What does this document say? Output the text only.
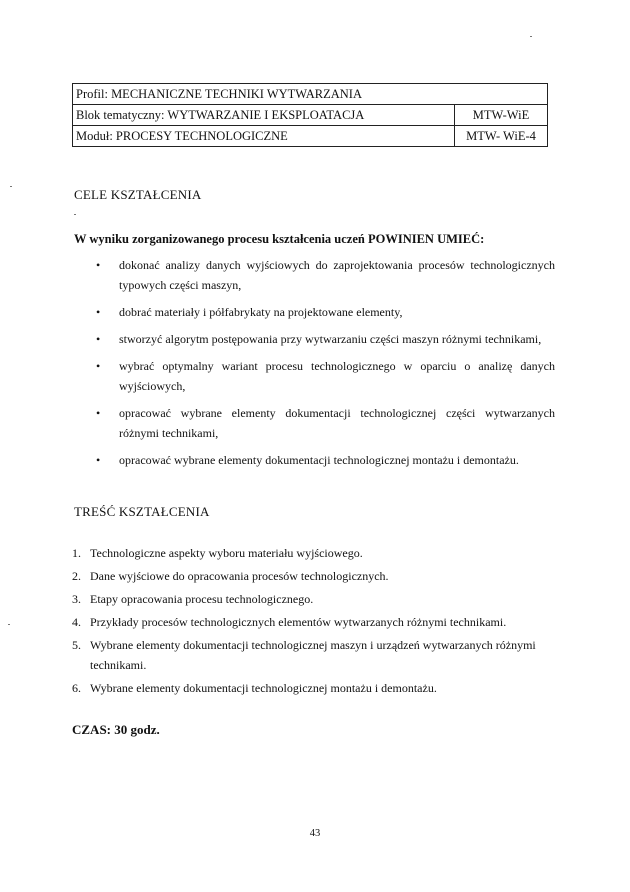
Profil: MECHANICZNE TECHNIKI WYTWARZANIA	
Blok tematyczny: WYTWARZANIE I EKSPLOATACJA	MTW-WiE
Moduł: PROCESY TECHNOLOGICZNE	MTW- WiE-4
CELE KSZTAŁCENIA
W wyniku zorganizowanego procesu kształcenia uczeń POWINIEN UMIEĆ:
• dokonać analizy danych wyjściowych do zaprojektowania procesów technologicznych typowych części maszyn,
• dobrać materiały i półfabrykaty na projektowane elementy,
• stworzyć algorytm postępowania przy wytwarzaniu części maszyn różnymi technikami,
• wybrać optymalny wariant procesu technologicznego w oparciu o analizę danych wyjściowych,
• opracować wybrane elementy dokumentacji technologicznej części wytwarzanych różnymi technikami,
• opracować wybrane elementy dokumentacji technologicznej montażu i demontażu.
TREŚĆ KSZTAŁCENIA
1. Technologiczne aspekty wyboru materiału wyjściowego.
2. Dane wyjściowe do opracowania procesów technologicznych.
3. Etapy opracowania procesu technologicznego.
4. Przykłady procesów technologicznych elementów wytwarzanych różnymi technikami.
5. Wybrane elementy dokumentacji technologicznej maszyn i urządzeń wytwarzanych różnymi technikami.
6. Wybrane elementy dokumentacji technologicznej montażu i demontażu.
CZAS: 30 godz.
43
